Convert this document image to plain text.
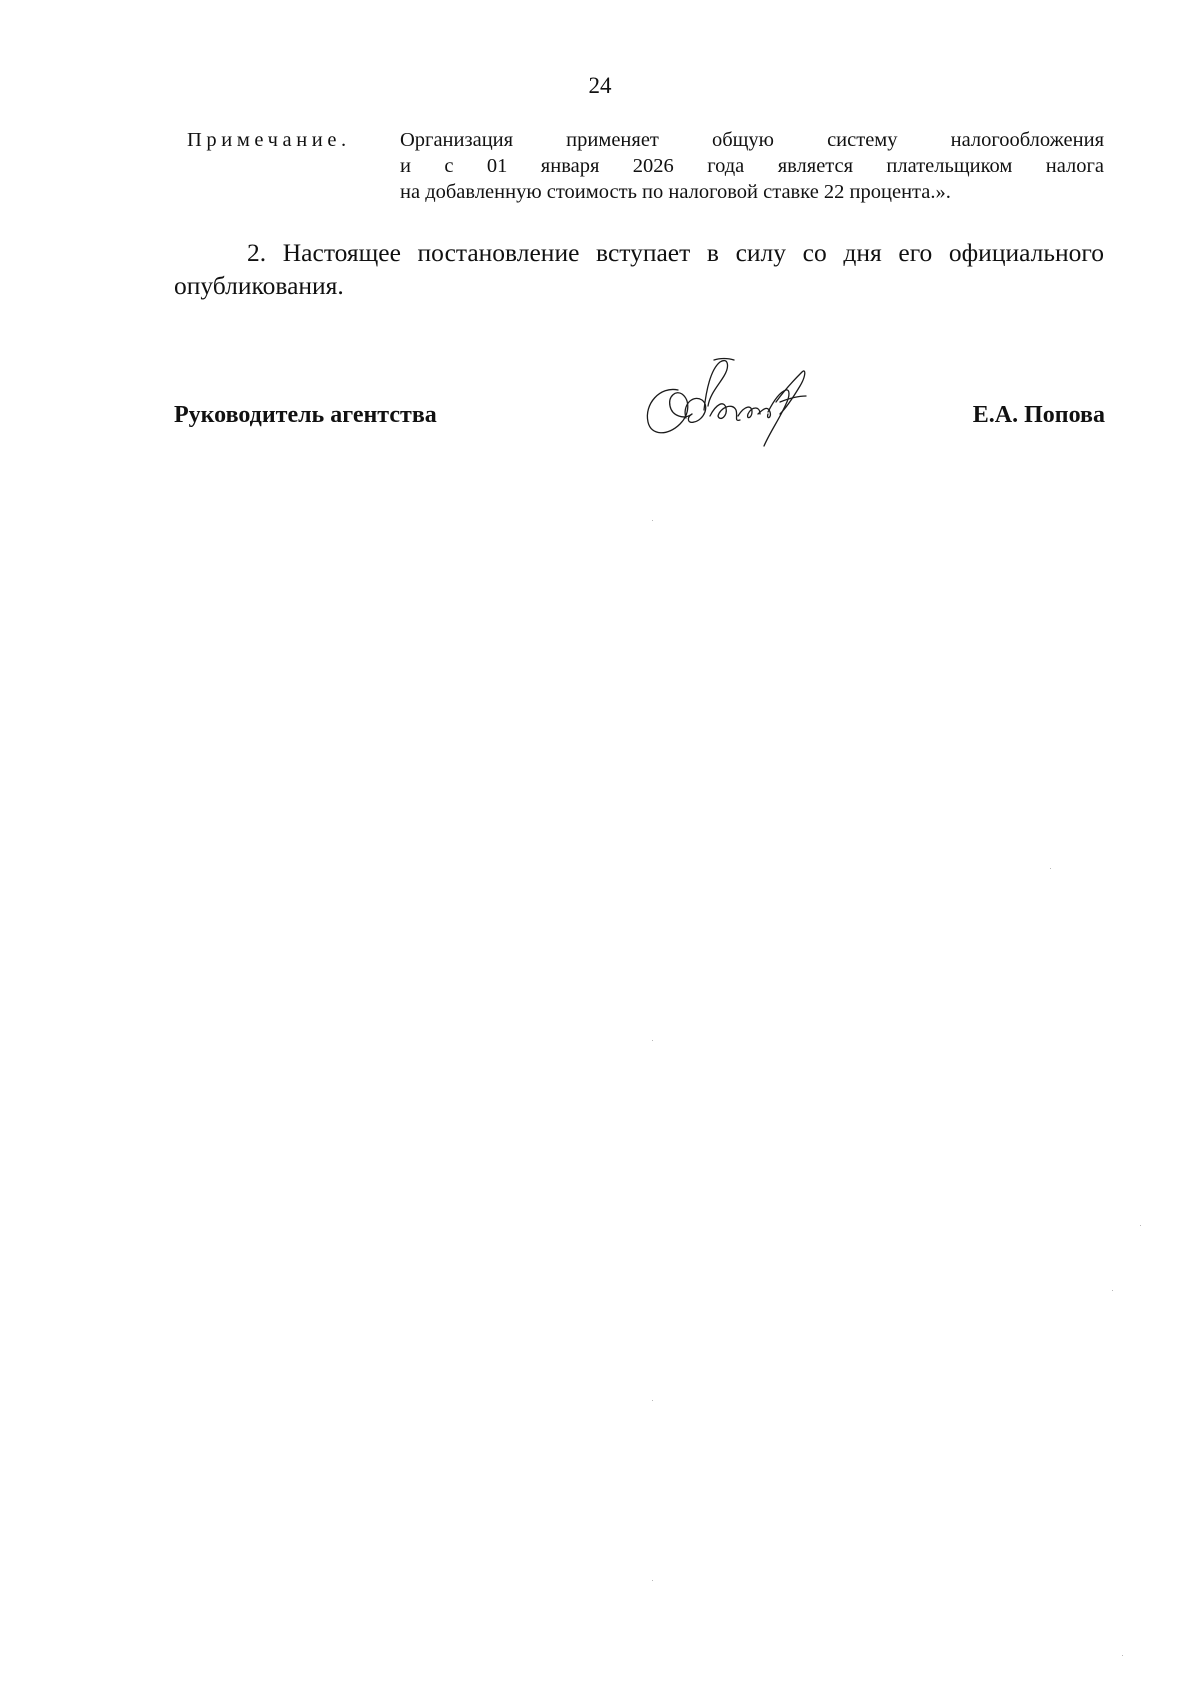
24
Примечание. Организация применяет общую систему налогообложения
и с 01 января 2026 года является плательщиком налога
на добавленную стоимость по налоговой ставке 22 процента.».
2. Настоящее постановление вступает в силу со дня его официального
опубликования.
Руководитель агентства	Е.А. Попова
